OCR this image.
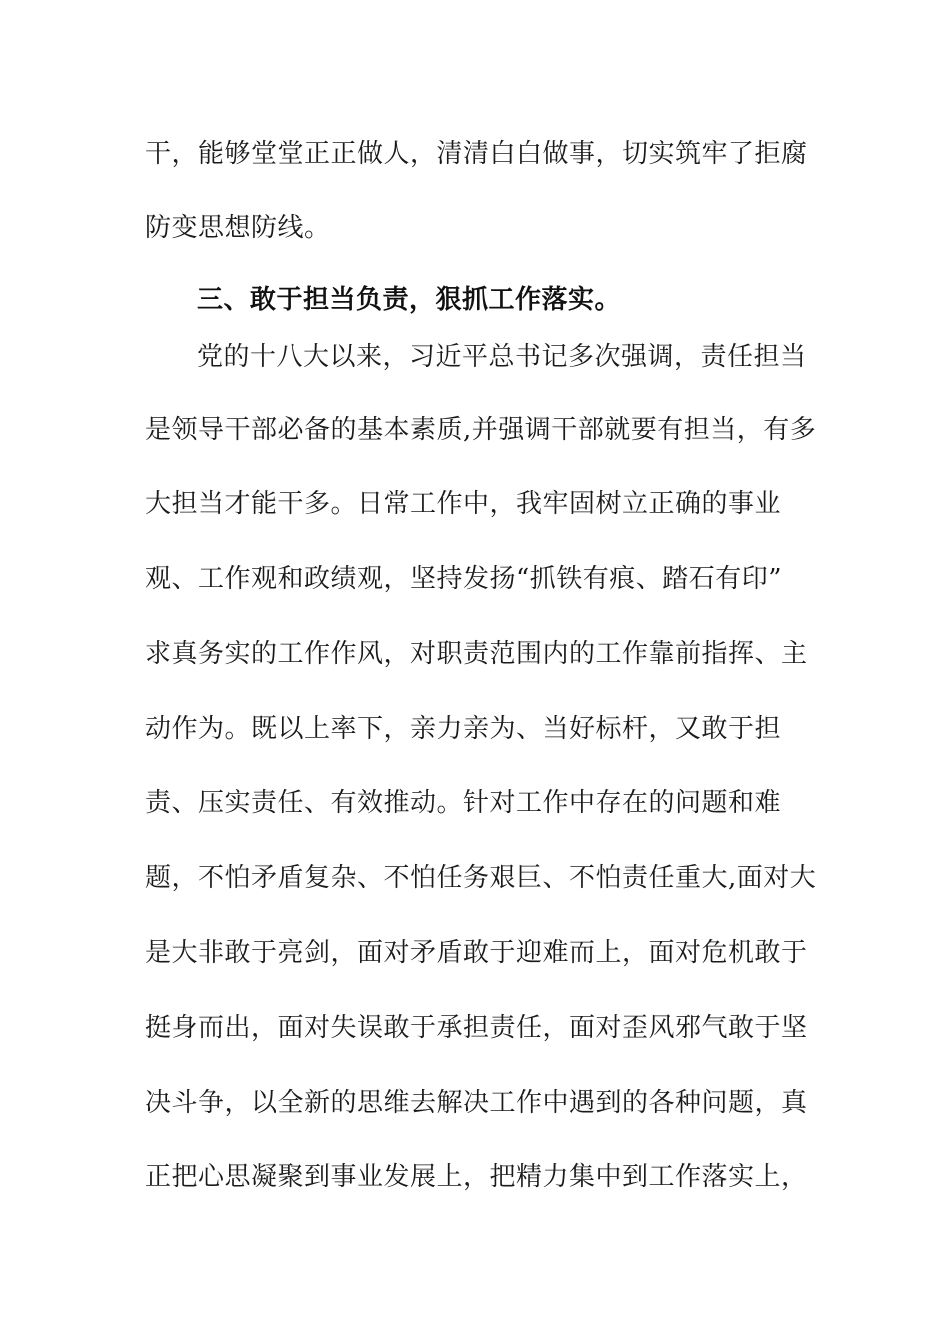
干，能够堂堂正正做人，清清白白做事，切实筑牢了拒腐
防变思想防线。
三、敢于担当负责，狠抓工作落实。
党的十八大以来，习近平总书记多次强调，责任担当
是领导干部必备的基本素质,并强调干部就要有担当，有多
大担当才能干多。日常工作中，我牢固树立正确的事业
观、工作观和政绩观，坚持发扬“抓铁有痕、踏石有印”
求真务实的工作作风，对职责范围内的工作靠前指挥、主
动作为。既以上率下，亲力亲为、当好标杆，又敢于担
责、压实责任、有效推动。针对工作中存在的问题和难
题，不怕矛盾复杂、不怕任务艰巨、不怕责任重大,面对大
是大非敢于亮剑，面对矛盾敢于迎难而上，面对危机敢于
挺身而出，面对失误敢于承担责任，面对歪风邪气敢于坚
决斗争，以全新的思维去解决工作中遇到的各种问题，真
正把心思凝聚到事业发展上，把精力集中到工作落实上，
